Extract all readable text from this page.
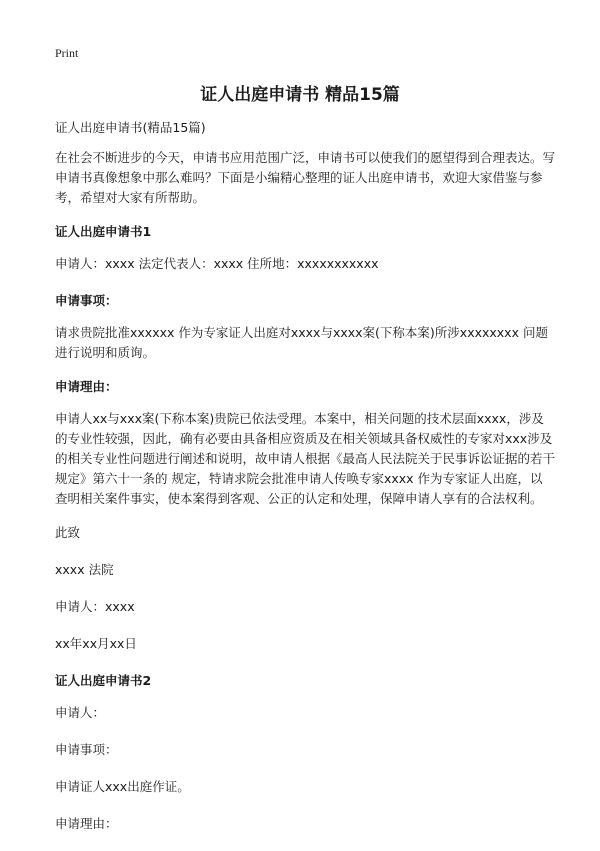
Print
证人出庭申请书 精品15篇

证人出庭申请书(精品15篇)

在社会不断进步的今天，申请书应用范围广泛，申请书可以使我们的愿望得到合理表达。写申请书真像想象中那么难吗？下面是小编精心整理的证人出庭申请书，欢迎大家借鉴与参考，希望对大家有所帮助。

证人出庭申请书1

申请人：xxxx 法定代表人：xxxx 住所地：xxxxxxxxxxx

申请事项：

请求贵院批准xxxxxx 作为专家证人出庭对xxxx与xxxx案(下称本案)所涉xxxxxxxx 问题进行说明和质询。

申请理由：

申请人xx与xxx案(下称本案)贵院已依法受理。本案中，相关问题的技术层面xxxx，涉及的专业性较强，因此，确有必要由具备相应资质及在相关领域具备权威性的专家对xxx涉及的相关专业性问题进行阐述和说明，故申请人根据《最高人民法院关于民事诉讼证据的若干规定》第六十一条的 规定，特请求院会批准申请人传唤专家xxxx 作为专家证人出庭，以查明相关案件事实，使本案得到客观、公正的认定和处理，保障申请人享有的合法权利。

此致

xxxx 法院

申请人：xxxx

xx年xx月xx日

证人出庭申请书2

申请人：

申请事项：

申请证人xxx出庭作证。

申请理由：
